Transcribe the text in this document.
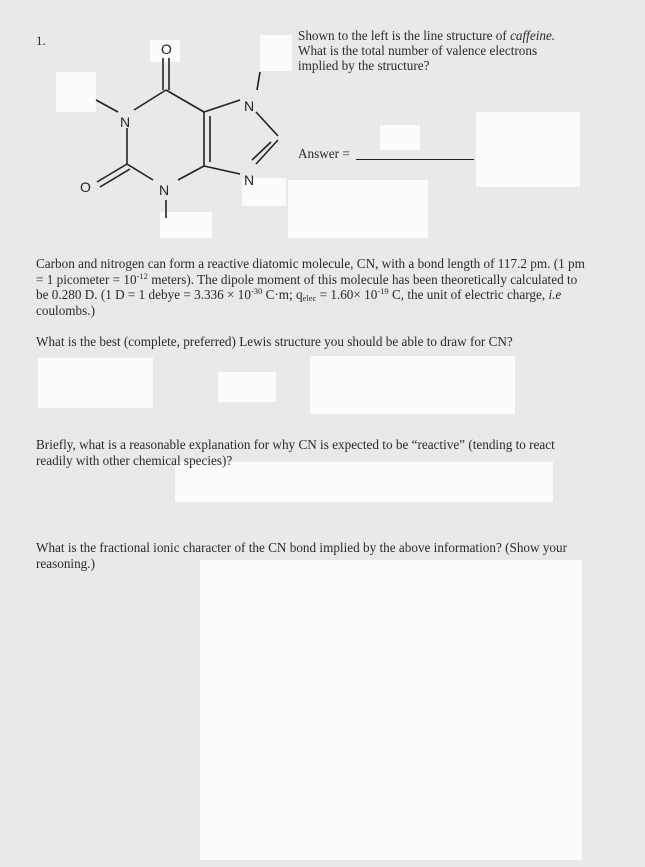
1.
O
N
N
N
N
O

Shown to the left is the line structure of caffeine. What is the total number of valence electrons implied by the structure?

Answer =

Carbon and nitrogen can form a reactive diatomic molecule, CN, with a bond length of 117.2 pm. (1 pm = 1 picometer = $10^{-12}$ meters). The dipole moment of this molecule has been theoretically calculated to be 0.280 D. (1 D = 1 debye = $3.336 \times 10^{-30}$ C·m; $q_{elec} = 1.60\times 10^{-19}$ C, the unit of electric charge, i.e coulombs.)

What is the best (complete, preferred) Lewis structure you should be able to draw for CN?

Briefly, what is a reasonable explanation for why CN is expected to be “reactive” (tending to react readily with other chemical species)?

What is the fractional ionic character of the CN bond implied by the above information? (Show your reasoning.)
